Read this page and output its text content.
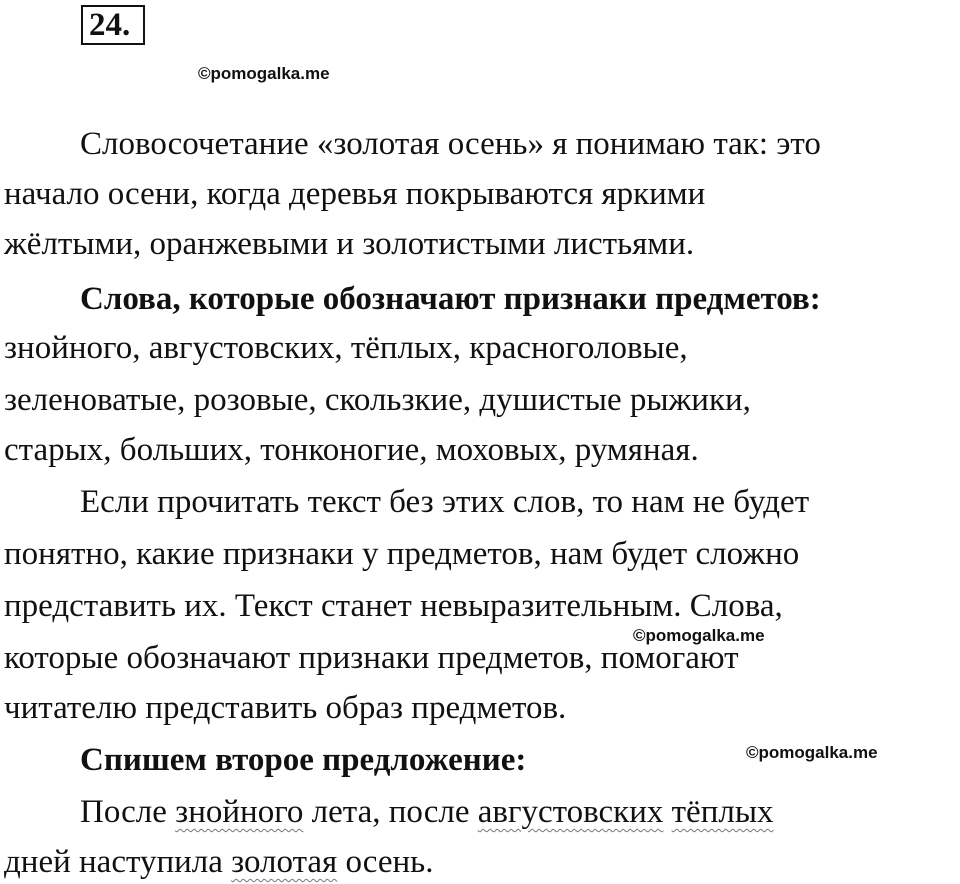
24.
©pomogalka.me
Словосочетание «золотая осень» я понимаю так: это
начало осени, когда деревья покрываются яркими
жёлтыми, оранжевыми и золотистыми листьями.
Слова, которые обозначают признаки предметов:
знойного, августовских, тёплых, красноголовые,
зеленоватые, розовые, скользкие, душистые рыжики,
старых, больших, тонконогие, моховых, румяная.
Если прочитать текст без этих слов, то нам не будет
понятно, какие признаки у предметов, нам будет сложно
представить их. Текст станет невыразительным. Слова,
©pomogalka.me
которые обозначают признаки предметов, помогают
читателю представить образ предметов.
Спишем второе предложение:	©pomogalka.me
После знойного лета, после августовских тёплых
дней наступила золотая осень.
